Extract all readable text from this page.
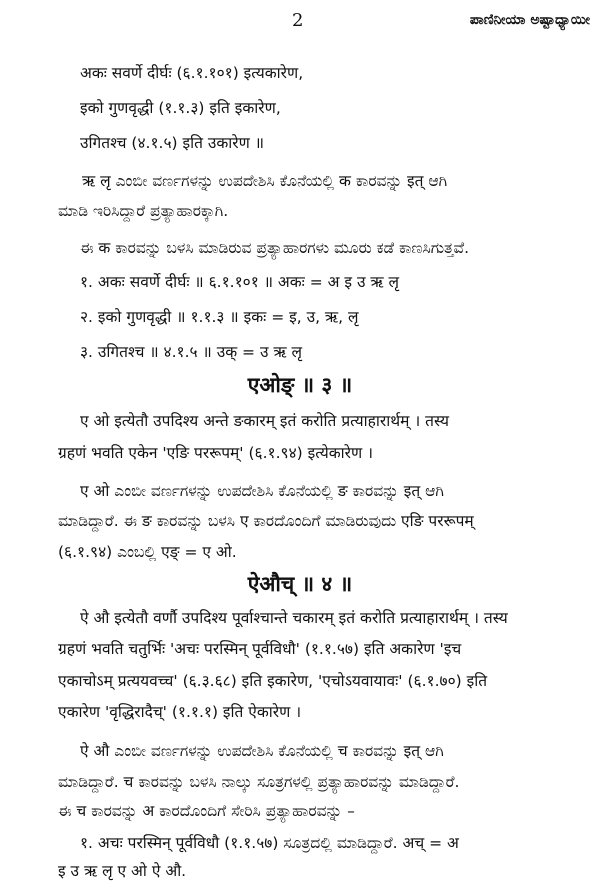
2	ಪಾಣಿನೀಯಾ ಅಷ್ಟಾಧ್ಯಾಯೀ
अकः सवर्णे दीर्घः (६.१.१०१) इत्यकारेण,
इको गुणवृद्धी (१.१.३) इति इकारेण,
उगितश्च (४.१.५) इति उकारेण ॥
ऋ लृ ಎಂಬೀ ವರ್ಣಗಳನ್ನು ಉಪದೇಶಿಸಿ ಕೊನೆಯಲ್ಲಿ क ಕಾರವನ್ನು इत् ಆಗಿ
ಮಾಡಿ ಇರಿಸಿದ್ದಾರೆ ಪ್ರತ್ಯಾಹಾರಕ್ಕಾಗಿ.
ಈ क ಕಾರವನ್ನು ಬಳಸಿ ಮಾಡಿರುವ ಪ್ರತ್ಯಾಹಾರಗಳು ಮೂರು ಕಡೆ ಕಾಣಸಿಗುತ್ತವೆ.
१. अकः सवर्णे दीर्घः ॥ ६.१.१०१ ॥ अकः = अ इ उ ऋ लृ
२. इको गुणवृद्धी ॥ १.१.३ ॥ इकः = इ, उ, ऋ, लृ
३. उगितश्च ॥ ४.१.५ ॥ उक् = उ ऋ लृ
एओङ् ॥ ३ ॥
ए ओ इत्येतौ उपदिश्य अन्ते ङकारम् इतं करोति प्रत्याहारार्थम् । तस्य
ग्रहणं भवति एकेन 'एङि पररूपम्' (६.१.९४) इत्येकारेण ।
ए ओ ಎಂಬೀ ವರ್ಣಗಳನ್ನು ಉಪದೇಶಿಸಿ ಕೊನೆಯಲ್ಲಿ ङ ಕಾರವನ್ನು इत् ಆಗಿ
ಮಾಡಿದ್ದಾರೆ. ಈ ङ ಕಾರವನ್ನು ಬಳಸಿ ए ಕಾರದೊಂದಿಗೆ ಮಾಡಿರುವುದು एङि पररूपम्
(६.१.९४) ಎಂಬಲ್ಲಿ एङ् = ए ओ.
ऐऔच् ॥ ४ ॥
ऐ औ इत्येतौ वर्णौ उपदिश्य पूर्वाश्चान्ते चकारम् इतं करोति प्रत्याहारार्थम् । तस्य
ग्रहणं भवति चतुर्भिः 'अचः परस्मिन् पूर्वविधौ' (१.१.५७) इति अकारेण 'इच
एकाचोऽम् प्रत्ययवच्च' (६.३.६८) इति इकारेण, 'एचोऽयवायावः' (६.१.७०) इति
एकारेण 'वृद्धिरादैच्' (१.१.१) इति ऐकारेण ।
ऐ औ ಎಂಬೀ ವರ್ಣಗಳನ್ನು ಉಪದೇಶಿಸಿ ಕೊನೆಯಲ್ಲಿ च ಕಾರವನ್ನು इत् ಆಗಿ
ಮಾಡಿದ್ದಾರೆ. च ಕಾರವನ್ನು ಬಳಸಿ ನಾಲ್ಕು ಸೂತ್ರಗಳಲ್ಲಿ ಪ್ರತ್ಯಾಹಾರವನ್ನು ಮಾಡಿದ್ದಾರೆ.
ಈ च ಕಾರವನ್ನು अ ಕಾರದೊಂದಿಗೆ ಸೇರಿಸಿ ಪ್ರತ್ಯಾಹಾರವನ್ನು –
१. अचः परस्मिन् पूर्वविधौ (१.१.५७) ಸೂತ್ರದಲ್ಲಿ ಮಾಡಿದ್ದಾರೆ. अच् = अ
इ उ ऋ लृ ए ओ ऐ औ.
